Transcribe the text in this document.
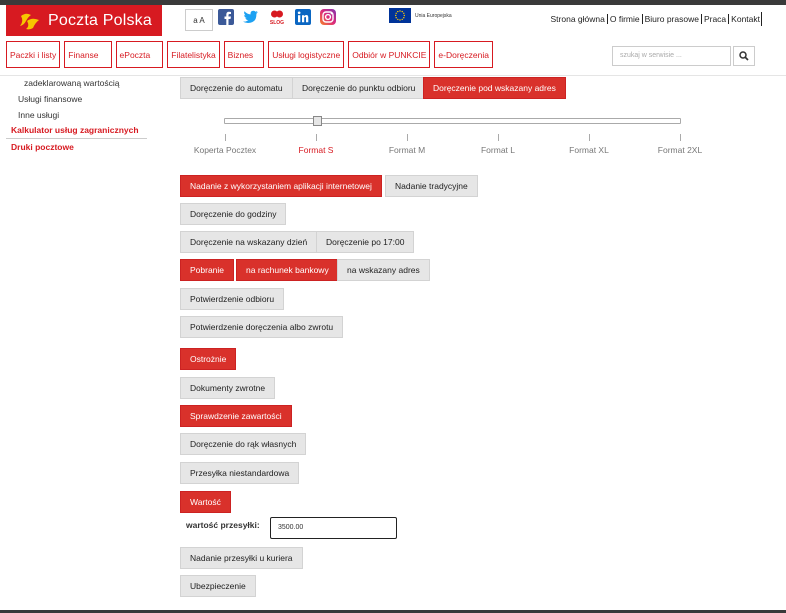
Poczta Polska	a A	SLOG
Unia Europejska	Strona główna O firmie Biuro prasowe Praca Kontakt
Paczki i listy	Finanse	ePoczta	Filatelistyka	Biznes	Usługi logistyczne	Odbiór w PUNKCIE	e-Doręczenia	szukaj w serwisie ...
zadeklarowaną wartością
Usługi finansowe
Inne usługi
Kalkulator usług zagranicznych
Druki pocztowe
Doręczenie do automatu	Doręczenie do punktu odbioru	Doręczenie pod wskazany adres
Koperta Pocztex	Format S	Format M	Format L	Format XL	Format 2XL
Nadanie z wykorzystaniem aplikacji internetowej	Nadanie tradycyjne
Doręczenie do godziny
Doręczenie na wskazany dzień	Doręczenie po 17:00
Pobranie	na rachunek bankowy	na wskazany adres
Potwierdzenie odbioru
Potwierdzenie doręczenia albo zwrotu
Ostrożnie
Dokumenty zwrotne
Sprawdzenie zawartości
Doręczenie do rąk własnych
Przesyłka niestandardowa
Wartość
wartość przesyłki:	3500.00
Nadanie przesyłki u kuriera
Ubezpieczenie
